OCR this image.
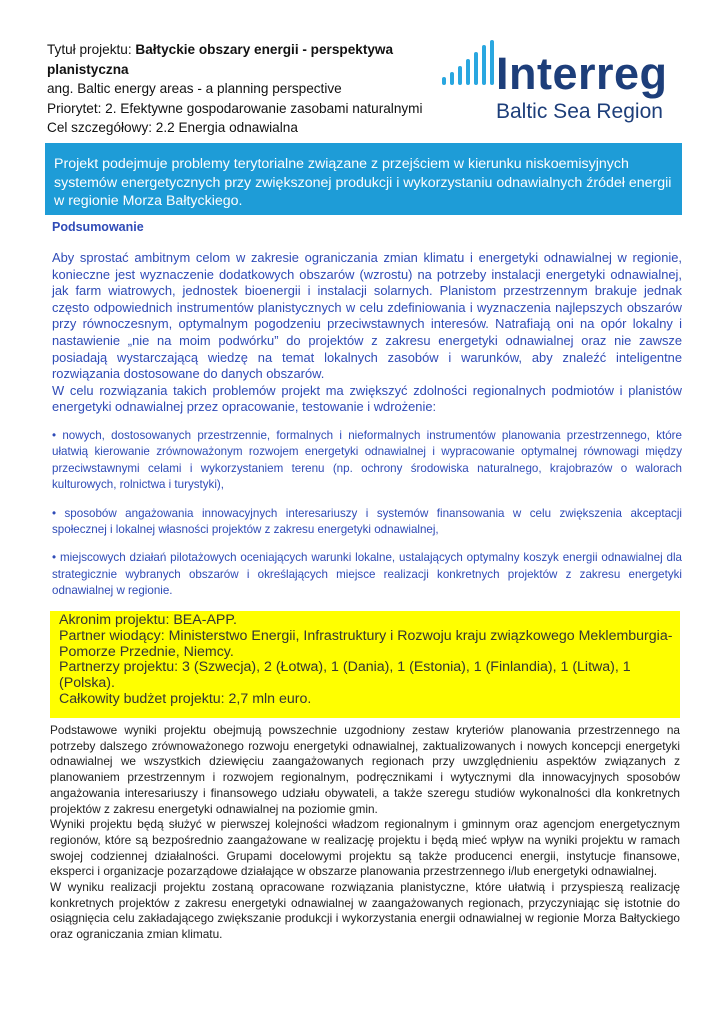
Tytuł projektu: Bałtyckie obszary energii - perspektywa planistyczna
ang. Baltic energy areas - a planning perspective
Priorytet: 2. Efektywne gospodarowanie zasobami naturalnymi
Cel szczegółowy: 2.2 Energia odnawialna
Interreg
Baltic Sea Region
Projekt podejmuje problemy terytorialne związane z przejściem w kierunku niskoemisyjnych systemów energetycznych przy zwiększonej produkcji i wykorzystaniu odnawialnych źródeł energii w regionie Morza Bałtyckiego.
Podsumowanie

Aby sprostać ambitnym celom w zakresie ograniczania zmian klimatu i energetyki odnawialnej w regionie, konieczne jest wyznaczenie dodatkowych obszarów (wzrostu) na potrzeby instalacji energetyki odnawialnej, jak farm wiatrowych, jednostek bioenergii i instalacji solarnych. Planistom przestrzennym brakuje jednak często odpowiednich instrumentów planistycznych w celu zdefiniowania i wyznaczenia najlepszych obszarów przy równoczesnym, optymalnym pogodzeniu przeciwstawnych interesów. Natrafiają oni na opór lokalny i nastawienie „nie na moim podwórku” do projektów z zakresu energetyki odnawialnej oraz nie zawsze posiadają wystarczającą wiedzę na temat lokalnych zasobów i warunków, aby znaleźć inteligentne rozwiązania dostosowane do danych obszarów.

W celu rozwiązania takich problemów projekt ma zwiększyć zdolności regionalnych podmiotów i planistów energetyki odnawialnej przez opracowanie, testowanie i wdrożenie:

• nowych, dostosowanych przestrzennie, formalnych i nieformalnych instrumentów planowania przestrzennego, które ułatwią kierowanie zrównoważonym rozwojem energetyki odnawialnej i wypracowanie optymalnej równowagi między przeciwstawnymi celami i wykorzystaniem terenu (np. ochrony środowiska naturalnego, krajobrazów o walorach kulturowych, rolnictwa i turystyki),

• sposobów angażowania innowacyjnych interesariuszy i systemów finansowania w celu zwiększenia akceptacji społecznej i lokalnej własności projektów z zakresu energetyki odnawialnej,

• miejscowych działań pilotażowych oceniających warunki lokalne, ustalających optymalny koszyk energii odnawialnej dla strategicznie wybranych obszarów i określających miejsce realizacji konkretnych projektów z zakresu energetyki odnawialnej w regionie.

Akronim projektu: BEA-APP.
Partner wiodący: Ministerstwo Energii, Infrastruktury i Rozwoju kraju związkowego Meklemburgia-Pomorze Przednie, Niemcy.
Partnerzy projektu: 3 (Szwecja), 2 (Łotwa), 1 (Dania), 1 (Estonia), 1 (Finlandia), 1 (Litwa), 1 (Polska).
Całkowity budżet projektu: 2,7 mln euro.

Podstawowe wyniki projektu obejmują powszechnie uzgodniony zestaw kryteriów planowania przestrzennego na potrzeby dalszego zrównoważonego rozwoju energetyki odnawialnej, zaktualizowanych i nowych koncepcji energetyki odnawialnej we wszystkich dziewięciu zaangażowanych regionach przy uwzględnieniu aspektów związanych z planowaniem przestrzennym i rozwojem regionalnym, podręcznikami i wytycznymi dla innowacyjnych sposobów angażowania interesariuszy i finansowego udziału obywateli, a także szeregu studiów wykonalności dla konkretnych projektów z zakresu energetyki odnawialnej na poziomie gmin.

Wyniki projektu będą służyć w pierwszej kolejności władzom regionalnym i gminnym oraz agencjom energetycznym regionów, które są bezpośrednio zaangażowane w realizację projektu i będą mieć wpływ na wyniki projektu w ramach swojej codziennej działalności. Grupami docelowymi projektu są także producenci energii, instytucje finansowe, eksperci i organizacje pozarządowe działające w obszarze planowania przestrzennego i/lub energetyki odnawialnej.

W wyniku realizacji projektu zostaną opracowane rozwiązania planistyczne, które ułatwią i przyspieszą realizację konkretnych projektów z zakresu energetyki odnawialnej w zaangażowanych regionach, przyczyniając się istotnie do osiągnięcia celu zakładającego zwiększanie produkcji i wykorzystania energii odnawialnej w regionie Morza Bałtyckiego oraz ograniczania zmian klimatu.
